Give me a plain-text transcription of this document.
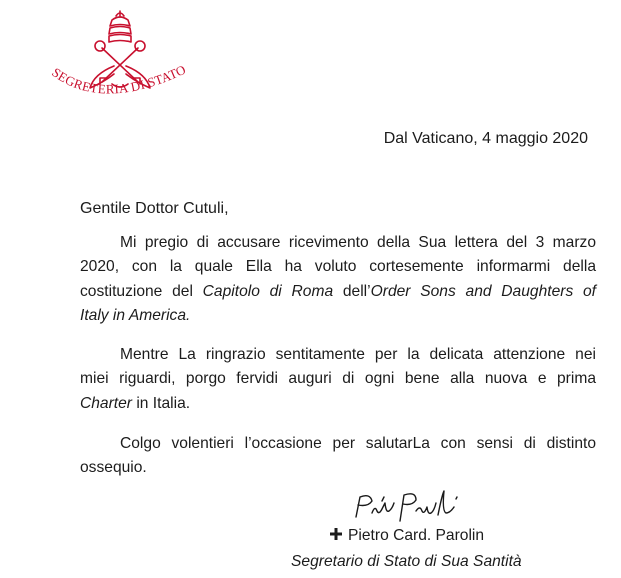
SEGRETERIA DI STATO
Dal Vaticano, 4 maggio 2020
Gentile Dottor Cutuli,
Mi pregio di accusare ricevimento della Sua lettera del 3 marzo
2020, con la quale Ella ha voluto cortesemente informarmi della
costituzione del Capitolo di Roma dell’Order Sons and Daughters of
Italy in America.
Mentre La ringrazio sentitamente per la delicata attenzione nei
miei riguardi, porgo fervidi auguri di ogni bene alla nuova e prima
Charter in Italia.
Colgo volentieri l’occasione per salutarLa con sensi di distinto
ossequio.
Pietro Card. Parolin
Segretario di Stato di Sua Santità
